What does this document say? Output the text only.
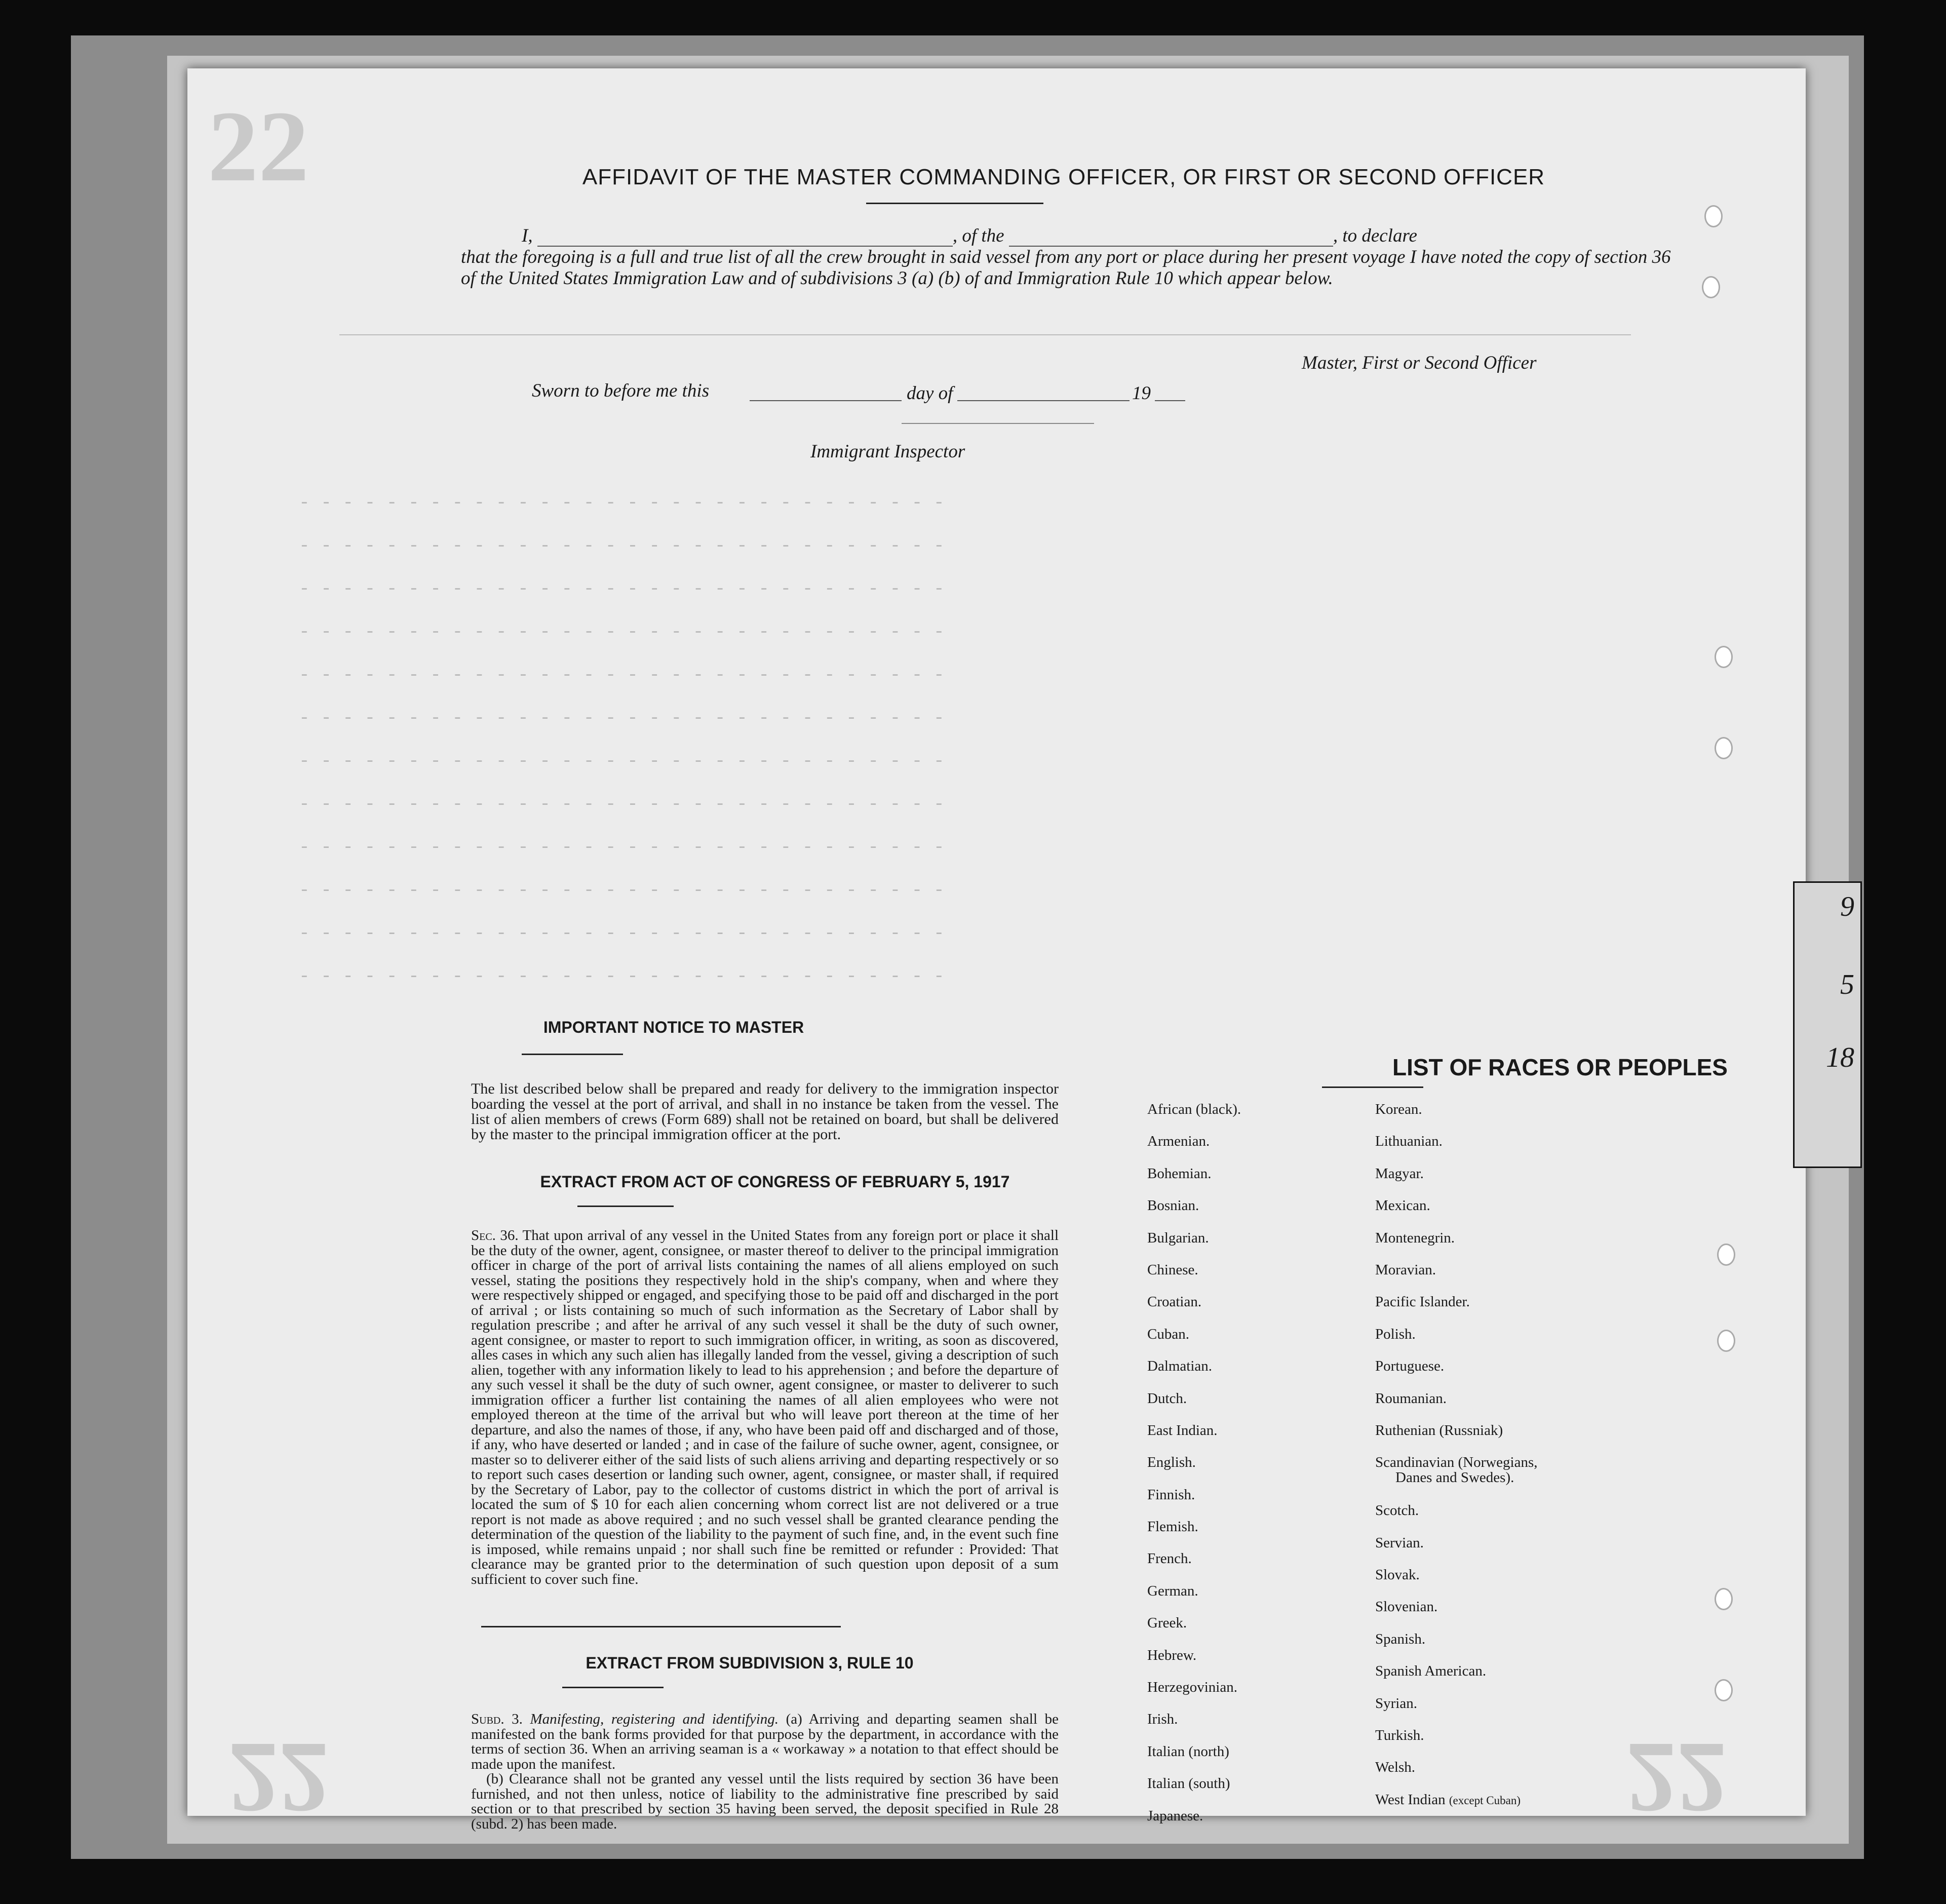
22
22	22
AFFIDAVIT OF THE MASTER COMMANDING OFFICER, OR FIRST OR SECOND OFFICER
I,	, of the	, to declare
that the foregoing is a full and true list of all the crew brought in said vessel from any port or place during her present voyage I have noted the copy of section 36 of the United States Immigration Law and of subdivisions 3 (a) (b) of and Immigration Rule 10 which appear below.
Master, First or Second Officer
Sworn to before me this	day of	19
Immigrant Inspector
- - - - - - - - - - - - - - - - - - - - - - - - - - - - - -
- - - - - - - - - - - - - - - - - - - - - - - - - - - - - -
- - - - - - - - - - - - - - - - - - - - - - - - - - - - - -
- - - - - - - - - - - - - - - - - - - - - - - - - - - - - -
- - - - - - - - - - - - - - - - - - - - - - - - - - - - - -
- - - - - - - - - - - - - - - - - - - - - - - - - - - - - -
- - - - - - - - - - - - - - - - - - - - - - - - - - - - - -
- - - - - - - - - - - - - - - - - - - - - - - - - - - - - -
- - - - - - - - - - - - - - - - - - - - - - - - - - - - - -
- - - - - - - - - - - - - - - - - - - - - - - - - - - - - -
- - - - - - - - - - - - - - - - - - - - - - - - - - - - - -
- - - - - - - - - - - - - - - - - - - - - - - - - - - - - -
IMPORTANT NOTICE TO MASTER
The list described below shall be prepared and ready for delivery to the immigration inspector boarding the vessel at the port of arrival, and shall in no instance be taken from the vessel. The list of alien members of crews (Form 689) shall not be retained on board, but shall be delivered by the master to the principal immigration officer at the port.
EXTRACT FROM ACT OF CONGRESS OF FEBRUARY 5, 1917
Sec. 36. That upon arrival of any vessel in the United States from any foreign port or place it shall be the duty of the owner, agent, consignee, or master thereof to deliver to the principal immigration officer in charge of the port of arrival lists containing the names of all aliens employed on such vessel, stating the positions they respectively hold in the ship's company, when and where they were respectively shipped or engaged, and specifying those to be paid off and discharged in the port of arrival ; or lists containing so much of such information as the Secretary of Labor shall by regulation prescribe ; and after he arrival of any such vessel it shall be the duty of such owner, agent consignee, or master to report to such immigration officer, in writing, as soon as discovered, alles cases in which any such alien has illegally landed from the vessel, giving a description of such alien, together with any information likely to lead to his apprehension ; and before the departure of any such vessel it shall be the duty of such owner, agent consignee, or master to deliverer to such immigration officer a further list containing the names of all alien employees who were not employed thereon at the time of the arrival but who will leave port thereon at the time of her departure, and also the names of those, if any, who have been paid off and discharged and of those, if any, who have deserted or landed ; and in case of the failure of suche owner, agent, consignee, or master so to deliverer either of the said lists of such aliens arriving and departing respectively or so to report such cases desertion or landing such owner, agent, consignee, or master shall, if required by the Secretary of Labor, pay to the collector of customs district in which the port of arrival is located the sum of $ 10 for each alien concerning whom correct list are not delivered or a true report is not made as above required ; and no such vessel shall be granted clearance pending the determination of the question of the liability to the payment of such fine, and, in the event such fine is imposed, while remains unpaid ; nor shall such fine be remitted or refunder : Provided: That clearance may be granted prior to the determination of such question upon deposit of a sum sufficient to cover such fine.
EXTRACT FROM SUBDIVISION 3, RULE 10
Subd. 3. Manifesting, registering and identifying. (a) Arriving and departing seamen shall be manifested on the bank forms provided for that purpose by the department, in accordance with the terms of section 36. When an arriving seaman is a « workaway » a notation to that effect should be made upon the manifest.
(b) Clearance shall not be granted any vessel until the lists required by section 36 have been furnished, and not then unless, notice of liability to the administrative fine prescribed by said section or to that prescribed by section 35 having been served, the deposit specified in Rule 28 (subd. 2) has been made.
LIST OF RACES OR PEOPLES
African (black).
Armenian.
Bohemian.
Bosnian.
Bulgarian.
Chinese.
Croatian.
Cuban.
Dalmatian.
Dutch.
East Indian.
English.
Finnish.
Flemish.
French.
German.
Greek.
Hebrew.
Herzegovinian.
Irish.
Italian (north)
Italian (south)
Japanese.
Korean.
Lithuanian.
Magyar.
Mexican.
Montenegrin.
Moravian.
Pacific Islander.
Polish.
Portuguese.
Roumanian.
Ruthenian (Russniak)
Scandinavian (Norwegians,
Danes and Swedes).
Scotch.
Servian.
Slovak.
Slovenian.
Spanish.
Spanish American.
Syrian.
Turkish.
Welsh.
West Indian (except Cuban)
9
5
18
